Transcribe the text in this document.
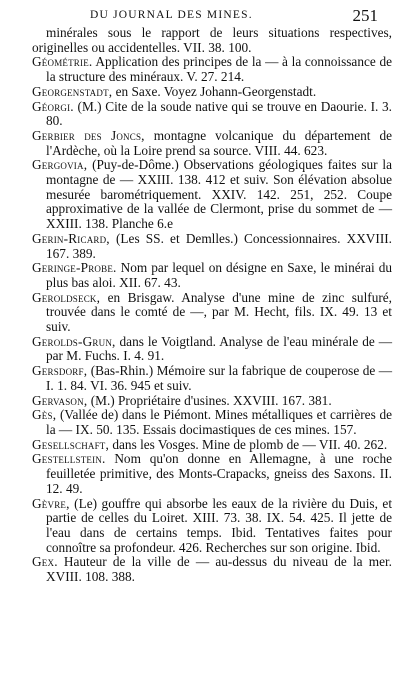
DU JOURNAL DES MINES.	251

minérales sous le rapport de leurs situations respectives, originelles ou accidentelles. VII. 38. 100.

Géométrie. Application des principes de la — à la connoissance de la structure des minéraux. V. 27. 214.

Georgenstadt, en Saxe. Voyez Johann-Georgenstadt.

Géorgi. (M.) Cite de la soude native qui se trouve en Daourie. I. 3. 80.

Gerbier des Joncs, montagne volcanique du département de l'Ardèche, où la Loire prend sa source. VIII. 44. 623.

Gergovia, (Puy-de-Dôme.) Observations géologiques faites sur la montagne de — XXIII. 138. 412 et suiv. Son élévation absolue mesurée barométriquement. XXIV. 142. 251, 252. Coupe approximative de la vallée de Clermont, prise du sommet de — XXIII. 138. Planche 6.e

Gerin-Ricard, (Les SS. et Demlles.) Concessionnaires. XXVIII. 167. 389.

Geringe-Probe. Nom par lequel on désigne en Saxe, le minérai du plus bas aloi. XII. 67. 43.

Geroldseck, en Brisgaw. Analyse d'une mine de zinc sulfuré, trouvée dans le comté de —, par M. Hecht, fils. IX. 49. 13 et suiv.

Gerolds-Grun, dans le Voigtland. Analyse de l'eau minérale de — par M. Fuchs. I. 4. 91.

Gersdorf, (Bas-Rhin.) Mémoire sur la fabrique de couperose de — I. 1. 84. VI. 36. 945 et suiv.

Gervason, (M.) Propriétaire d'usines. XXVIII. 167. 381.

Gès, (Vallée de) dans le Piémont. Mines métalliques et carrières de la — IX. 50. 135. Essais docimastiques de ces mines. 157.

Gesellschaft, dans les Vosges. Mine de plomb de — VII. 40. 262.

Gestellstein. Nom qu'on donne en Allemagne, à une roche feuilletée primitive, des Monts-Crapacks, gneiss des Saxons. II. 12. 49.

Gèvre, (Le) gouffre qui absorbe les eaux de la rivière du Duis, et partie de celles du Loiret. XIII. 73. 38. IX. 54. 425. Il jette de l'eau dans de certains temps. Ibid. Tentatives faites pour connoître sa profondeur. 426. Recherches sur son origine. Ibid.

Gex. Hauteur de la ville de — au-dessus du niveau de la mer. XVIII. 108. 388.
